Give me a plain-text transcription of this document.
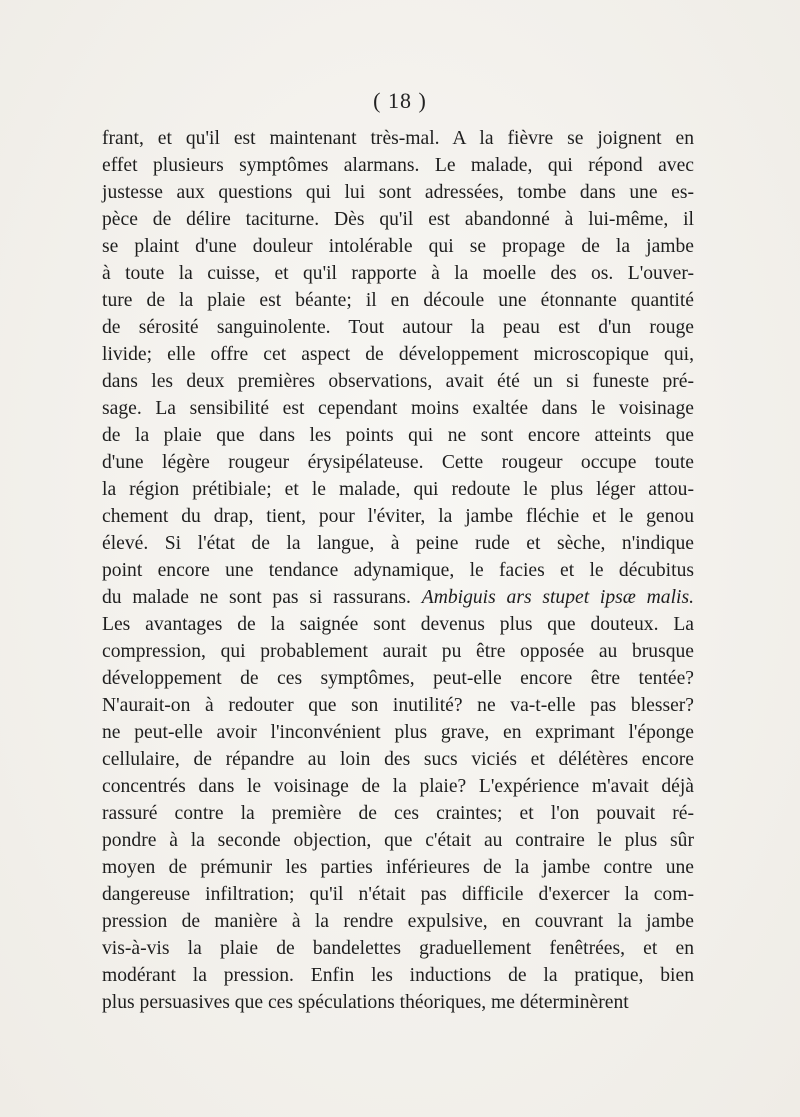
( 18 )
frant, et qu'il est maintenant très-mal. A la fièvre se joignent en
effet plusieurs symptômes alarmans. Le malade, qui répond avec
justesse aux questions qui lui sont adressées, tombe dans une es-
pèce de délire taciturne. Dès qu'il est abandonné à lui-même, il
se plaint d'une douleur intolérable qui se propage de la jambe
à toute la cuisse, et qu'il rapporte à la moelle des os. L'ouver-
ture de la plaie est béante; il en découle une étonnante quantité
de sérosité sanguinolente. Tout autour la peau est d'un rouge
livide; elle offre cet aspect de développement microscopique qui,
dans les deux premières observations, avait été un si funeste pré-
sage. La sensibilité est cependant moins exaltée dans le voisinage
de la plaie que dans les points qui ne sont encore atteints que
d'une légère rougeur érysipélateuse. Cette rougeur occupe toute
la région prétibiale; et le malade, qui redoute le plus léger attou-
chement du drap, tient, pour l'éviter, la jambe fléchie et le genou
élevé. Si l'état de la langue, à peine rude et sèche, n'indique
point encore une tendance adynamique, le facies et le décubitus
du malade ne sont pas si rassurans. Ambiguis ars stupet ipsæ malis.
Les avantages de la saignée sont devenus plus que douteux. La
compression, qui probablement aurait pu être opposée au brusque
développement de ces symptômes, peut-elle encore être tentée?
N'aurait-on à redouter que son inutilité? ne va-t-elle pas blesser?
ne peut-elle avoir l'inconvénient plus grave, en exprimant l'éponge
cellulaire, de répandre au loin des sucs viciés et délétères encore
concentrés dans le voisinage de la plaie? L'expérience m'avait déjà
rassuré contre la première de ces craintes; et l'on pouvait ré-
pondre à la seconde objection, que c'était au contraire le plus sûr
moyen de prémunir les parties inférieures de la jambe contre une
dangereuse infiltration; qu'il n'était pas difficile d'exercer la com-
pression de manière à la rendre expulsive, en couvrant la jambe
vis-à-vis la plaie de bandelettes graduellement fenêtrées, et en
modérant la pression. Enfin les inductions de la pratique, bien
plus persuasives que ces spéculations théoriques, me déterminèrent
